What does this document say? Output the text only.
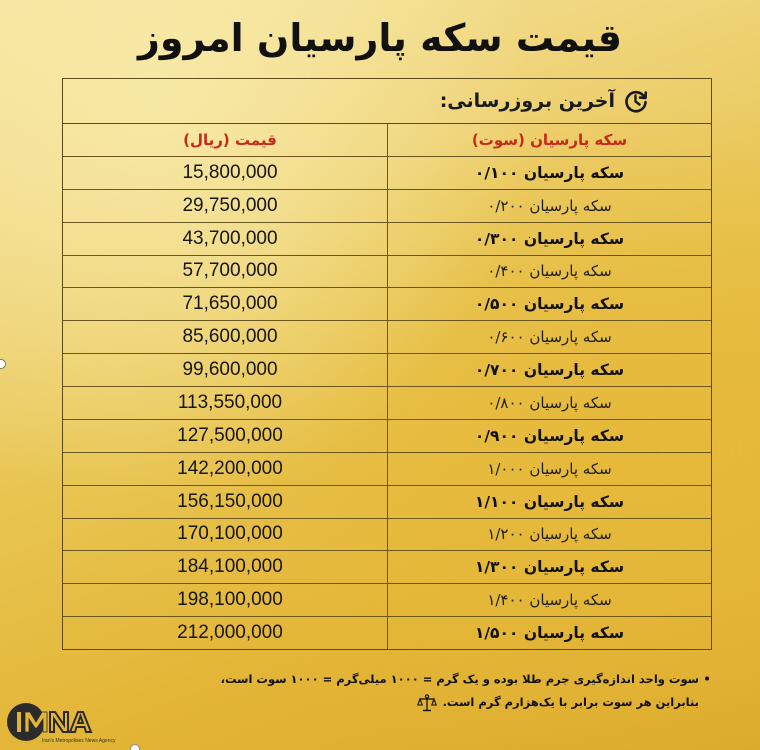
قیمت سکه پارسیان امروز
آخرین بروزرسانی:
قیمت (ریال)	سکه پارسیان (سوت)
15,800,000	سکه پارسیان ۰/۱۰۰
29,750,000	سکه پارسیان ۰/۲۰۰
43,700,000	سکه پارسیان ۰/۳۰۰
57,700,000	سکه پارسیان ۰/۴۰۰
71,650,000	سکه پارسیان ۰/۵۰۰
85,600,000	سکه پارسیان ۰/۶۰۰
99,600,000	سکه پارسیان ۰/۷۰۰
113,550,000	سکه پارسیان ۰/۸۰۰
127,500,000	سکه پارسیان ۰/۹۰۰
142,200,000	سکه پارسیان ۱/۰۰۰
156,150,000	سکه پارسیان ۱/۱۰۰
170,100,000	سکه پارسیان ۱/۲۰۰
184,100,000	سکه پارسیان ۱/۳۰۰
198,100,000	سکه پارسیان ۱/۴۰۰
212,000,000	سکه پارسیان ۱/۵۰۰
•سوت واحد اندازه‌گیری جرم طلا بوده و یک گرم = ۱۰۰۰ میلی‌گرم = ۱۰۰۰ سوت است،
بنابراین هر سوت برابر با یک‌هزارم گرم است.
Iran's Metropolises News Agency
